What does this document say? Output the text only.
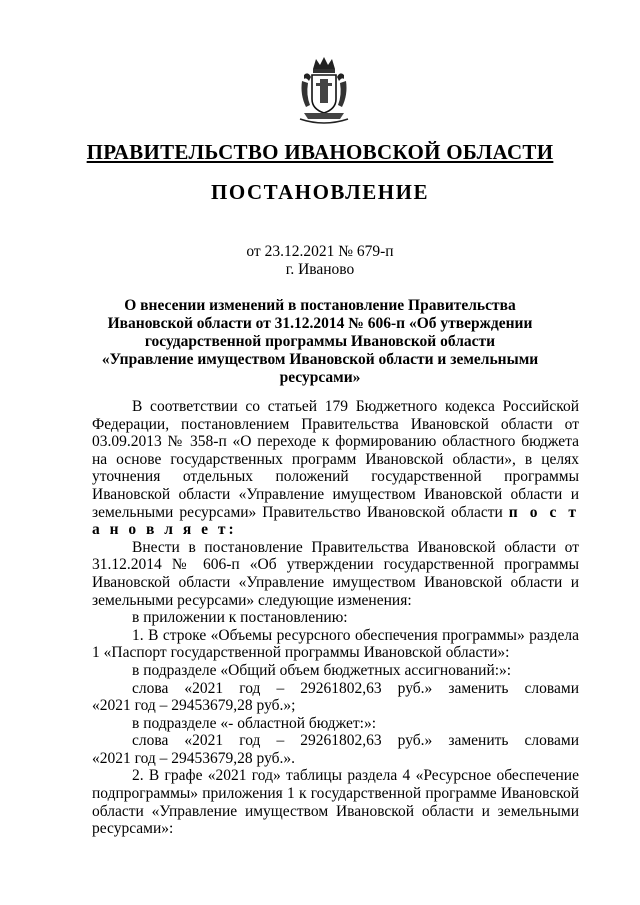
ПРАВИТЕЛЬСТВО ИВАНОВСКОЙ ОБЛАСТИ
ПОСТАНОВЛЕНИЕ
от 23.12.2021 № 679-п
г. Иваново
О внесении изменений в постановление Правительства Ивановской области от 31.12.2014 № 606-п «Об утверждении государственной программы Ивановской области «Управление имуществом Ивановской области и земельными ресурсами»

В соответствии со статьей 179 Бюджетного кодекса Российской Федерации, постановлением Правительства Ивановской области от 03.09.2013 № 358-п «О переходе к формированию областного бюджета на основе государственных программ Ивановской области», в целях уточнения отдельных положений государственной программы Ивановской области «Управление имуществом Ивановской области и земельными ресурсами» Правительство Ивановской области п о с т а н о в л я е т:

Внести в постановление Правительства Ивановской области от 31.12.2014 № 606-п «Об утверждении государственной программы Ивановской области «Управление имуществом Ивановской области и земельными ресурсами» следующие изменения:

в приложении к постановлению:

1. В строке «Объемы ресурсного обеспечения программы» раздела 1 «Паспорт государственной программы Ивановской области»:

в подразделе «Общий объем бюджетных ассигнований:»:

слова «2021 год – 29261802,63 руб.» заменить словами

«2021 год – 29453679,28 руб.»;

в подразделе «- областной бюджет:»:

слова «2021 год – 29261802,63 руб.» заменить словами

«2021 год – 29453679,28 руб.».

2. В графе «2021 год» таблицы раздела 4 «Ресурсное обеспечение подпрограммы» приложения 1 к государственной программе Ивановской области «Управление имуществом Ивановской области и земельными ресурсами»:
